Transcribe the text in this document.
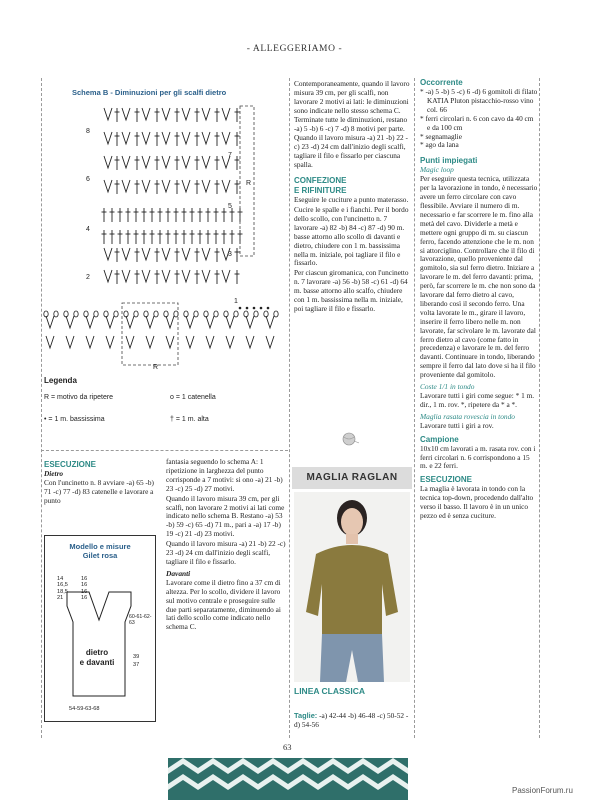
- ALLEGGERIAMO -
Schema B - Diminuzioni per gli scalfi dietro
8
6
4
2
7
5
3
1
R
R
Legenda
R = motivo da ripetere	o = 1 catenella
• = 1 m. bassissima	† = 1 m. alta
ESECUZIONE
Dietro

Con l'uncinetto n. 8 avviare -a) 65 -b) 71 -c) 77 -d) 83 catenelle e lavorare a punto

Modello e misure
Gilet rosa
14
16,5
18,5
21
16
16
16
16
60-61-62-63
39
37
dietro
e davanti
54-59-63-68

fantasia seguendo lo schema A: 1 ripetizione in larghezza del punto corrisponde a 7 motivi: si ono -a) 21 -b) 23 -c) 25 -d) 27 motivi.

Quando il lavoro misura 39 cm, per gli scalfi, non lavorare 2 motivi ai lati come indicato nello schema B. Restano -a) 53 -b) 59 -c) 65 -d) 71 m., pari a -a) 17 -b) 19 -c) 21 -d) 23 motivi.

Quando il lavoro misura -a) 21 -b) 22 -c) 23 -d) 24 cm dall'inizio degli scalfi, tagliare il filo e fissarlo.

Davanti

Lavorare come il dietro fino a 37 cm di altezza. Per lo scollo, dividere il lavoro sul motivo centrale e proseguire sulle due parti separatamente, diminuendo ai lati dello scollo come indicato nello schema C.

Contemporaneamente, quando il lavoro misura 39 cm, per gli scalfi, non lavorare 2 motivi ai lati: le diminuzioni sono indicate nello stesso schema C. Terminate tutte le diminuzioni, restano -a) 5 -b) 6 -c) 7 -d) 8 motivi per parte.

Quando il lavoro misura -a) 21 -b) 22 -c) 23 -d) 24 cm dall'inizio degli scalfi, tagliare il filo e fissarlo per ciascuna spalla.

CONFEZIONE
E RIFINITURE

Eseguire le cuciture a punto materasso.

Cucire le spalle e i fianchi. Per il bordo dello scollo, con l'uncinetto n. 7 lavorare -a) 82 -b) 84 -c) 87 -d) 90 m. basse attorno allo scollo di davanti e dietro, chiudere con 1 m. bassissima nella m. iniziale, poi tagliare il filo e fissarlo.

Per ciascun giromanica, con l'uncinetto n. 7 lavorare -a) 56 -b) 58 -c) 61 -d) 64 m. basse attorno allo scalfo, chiudere con 1 m. bassissima nella m. iniziale, poi tagliare il filo e fissarlo.

MAGLIA RAGLAN
LINEA CLASSICA
Taglie: -a) 42-44 -b) 46-48 -c) 50-52 -d) 54-56
Occorrente
* -a) 5 -b) 5 -c) 6 -d) 6 gomitoli di filato KATIA Pluton pistacchio-rosso vino col. 66
* ferri circolari n. 6 con cavo da 40 cm e da 100 cm
* segnamaglie
* ago da lana
Punti impiegati
Magic loop

Per eseguire questa tecnica, utilizzata per la lavorazione in tondo, è necessario avere un ferro circolare con cavo flessibile. Avviare il numero di m. necessario e far scorrere le m. fino alla metà del cavo. Dividerle a metà e mettere ogni gruppo di m. su ciascun ferro, facendo attenzione che le m. non si attorciglino. Controllare che il filo di lavorazione, quello proveniente dal gomitolo, sia sul ferro dietro. Iniziare a lavorare le m. del ferro davanti: prima, però, far scorrere le m. che non sono da lavorare dal ferro dietro al cavo, liberando così il secondo ferro. Una volta lavorate le m., girare il lavoro, inserire il ferro libero nelle m. non lavorate, far scivolare le m. lavorate dal ferro dietro al cavo (come fatto in precedenza) e lavorare le m. del ferro davanti. Continuare in tondo, liberando sempre il ferro dal lato dove si ha il filo proveniente dal gomitolo.

Coste 1/1 in tondo

Lavorare tutti i giri come segue: * 1 m. dir., 1 m. rov. *, ripetere da * a *.

Maglia rasata rovescia in tondo

Lavorare tutti i giri a rov.

Campione

10x10 cm lavorati a m. rasata rov. con i ferri circolari n. 6 corrispondono a 15 m. e 22 ferri.

ESECUZIONE

La maglia è lavorata in tondo con la tecnica top-down, procedendo dall'alto verso il basso. Il lavoro è in un unico pezzo ed è senza cuciture.

63
PassionForum.ru
